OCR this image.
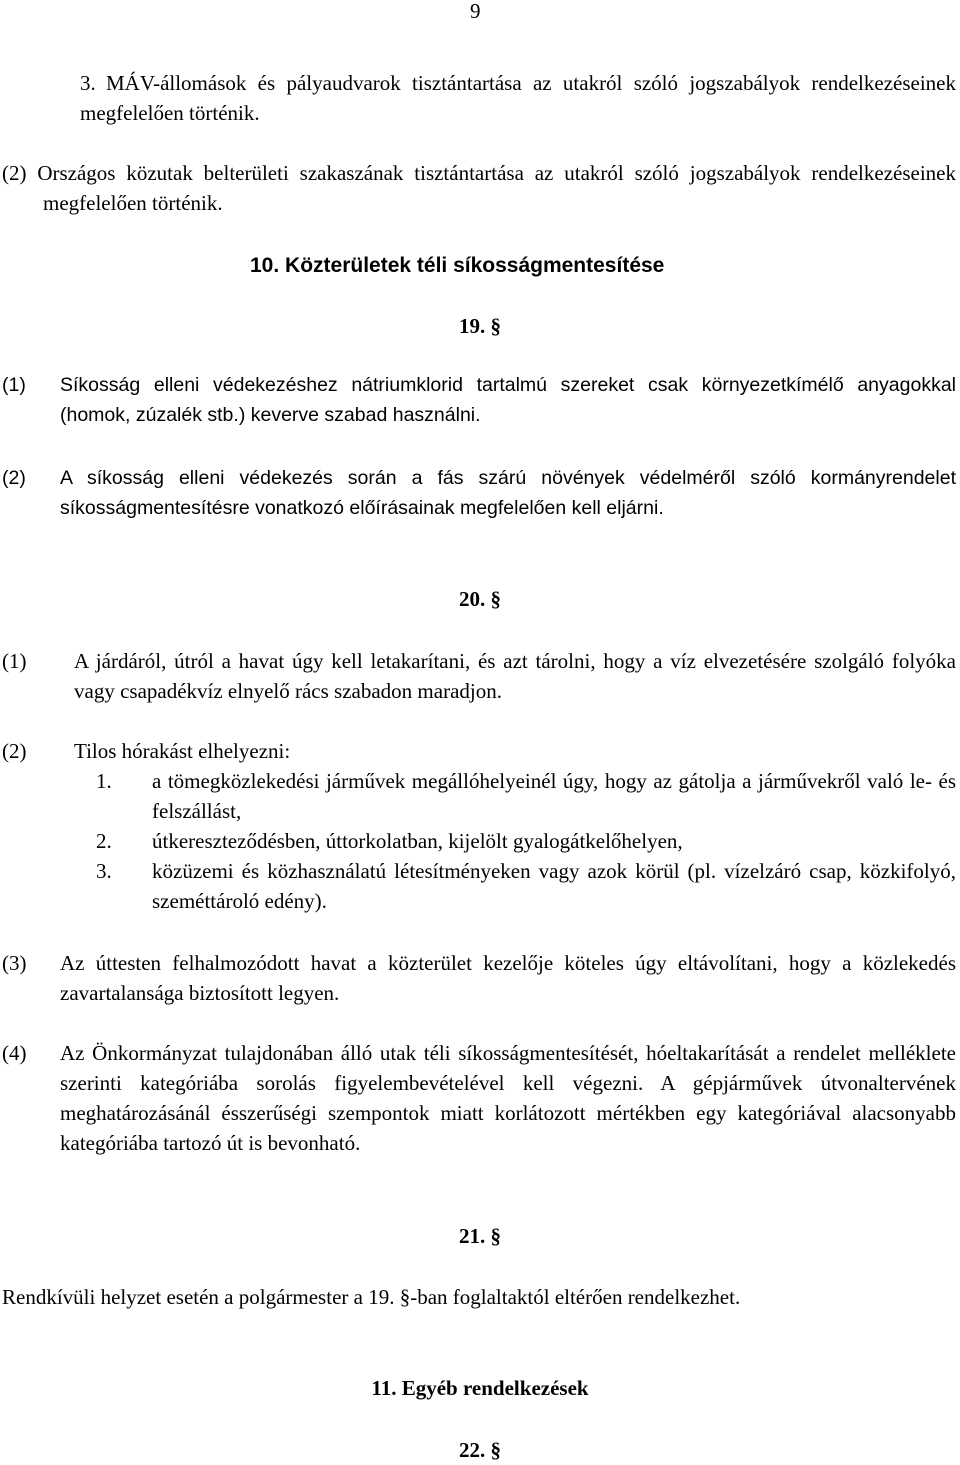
9
3. MÁV-állomások és pályaudvarok tisztántartása az utakról szóló jogszabályok rendelkezéseinek megfelelően történik.
(2) Országos közutak belterületi szakaszának tisztántartása az utakról szóló jogszabályok rendelkezéseinek megfelelően történik.
10. Közterületek téli síkosságmentesítése
19. §
(1) Síkosság elleni védekezéshez nátriumklorid tartalmú szereket csak környezetkímélő anyagokkal (homok, zúzalék stb.) keverve szabad használni.
(2) A síkosság elleni védekezés során a fás szárú növények védelméről szóló kormányrendelet síkosságmentesítésre vonatkozó előírásainak megfelelően kell eljárni.
20. §
(1) A járdáról, útról a havat úgy kell letakarítani, és azt tárolni, hogy a víz elvezetésére szolgáló folyóka vagy csapadékvíz elnyelő rács szabadon maradjon.
(2) Tilos hórakást elhelyezni:
1. a tömegközlekedési járművek megállóhelyeinél úgy, hogy az gátolja a járművekről való le- és felszállást,
2. útkereszteződésben, úttorkolatban, kijelölt gyalogátkelőhelyen,
3. közüzemi és közhasználatú létesítményeken vagy azok körül (pl. vízelzáró csap, közkifolyó, szeméttároló edény).
(3) Az úttesten felhalmozódott havat a közterület kezelője köteles úgy eltávolítani, hogy a közlekedés zavartalansága biztosított legyen.
(4) Az Önkormányzat tulajdonában álló utak téli síkosságmentesítését, hóeltakarítását a rendelet melléklete szerinti kategóriába sorolás figyelembevételével kell végezni. A gépjárművek útvonaltervének meghatározásánál ésszerűségi szempontok miatt korlátozott mértékben egy kategóriával alacsonyabb kategóriába tartozó út is bevonható.
21. §
Rendkívüli helyzet esetén a polgármester a 19. §-ban foglaltaktól eltérően rendelkezhet.
11. Egyéb rendelkezések
22. §
